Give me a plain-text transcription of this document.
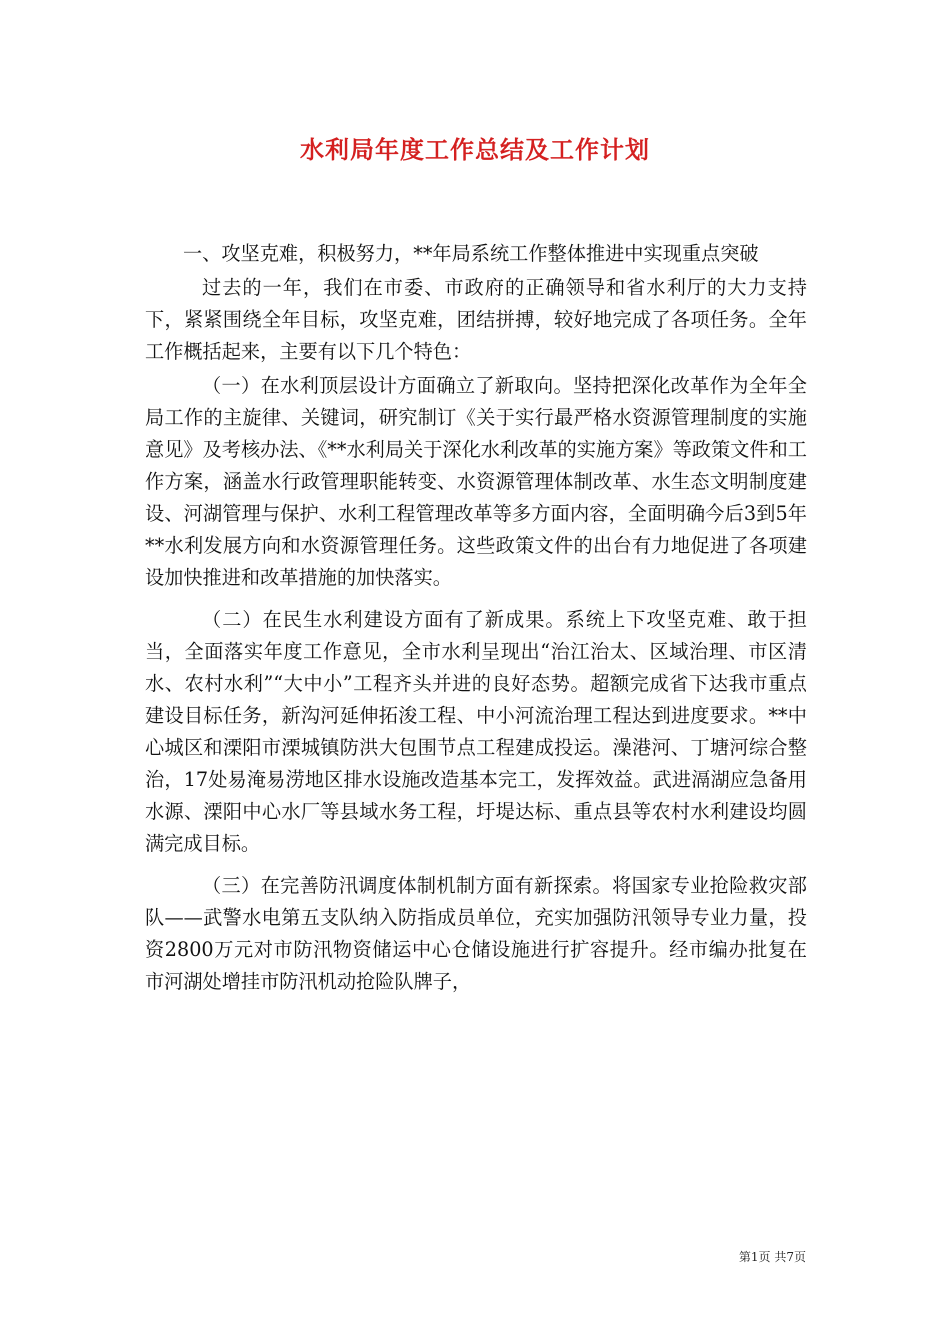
水利局年度工作总结及工作计划

一、攻坚克难，积极努力，**年局系统工作整体推进中实现重点突破

过去的一年，我们在市委、市政府的正确领导和省水利厅的大力支持下，紧紧围绕全年目标，攻坚克难，团结拼搏，较好地完成了各项任务。全年工作概括起来，主要有以下几个特色：

（一）在水利顶层设计方面确立了新取向。坚持把深化改革作为全年全局工作的主旋律、关键词，研究制订《关于实行最严格水资源管理制度的实施意见》及考核办法、《**水利局关于深化水利改革的实施方案》等政策文件和工作方案，涵盖水行政管理职能转变、水资源管理体制改革、水生态文明制度建设、河湖管理与保护、水利工程管理改革等多方面内容，全面明确今后3到5年**水利发展方向和水资源管理任务。这些政策文件的出台有力地促进了各项建设加快推进和改革措施的加快落实。

（二）在民生水利建设方面有了新成果。系统上下攻坚克难、敢于担当，全面落实年度工作意见，全市水利呈现出“治江治太、区域治理、市区清水、农村水利”“大中小”工程齐头并进的良好态势。超额完成省下达我市重点建设目标任务，新沟河延伸拓浚工程、中小河流治理工程达到进度要求。**中心城区和溧阳市溧城镇防洪大包围节点工程建成投运。澡港河、丁塘河综合整治，17处易淹易涝地区排水设施改造基本完工，发挥效益。武进滆湖应急备用水源、溧阳中心水厂等县域水务工程，圩堤达标、重点县等农村水利建设均圆满完成目标。

（三）在完善防汛调度体制机制方面有新探索。将国家专业抢险救灾部队——武警水电第五支队纳入防指成员单位，充实加强防汛领导专业力量，投资2800万元对市防汛物资储运中心仓储设施进行扩容提升。经市编办批复在市河湖处增挂市防汛机动抢险队牌子，

第1页 共7页
